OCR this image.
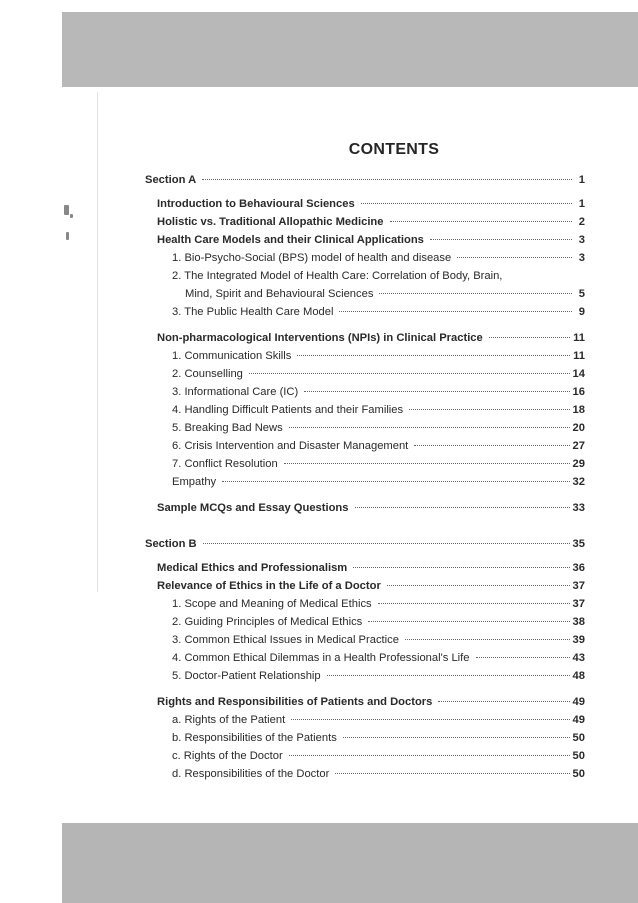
CONTENTS
Section A	1
Introduction to Behavioural Sciences	1
Holistic vs. Traditional Allopathic Medicine	2
Health Care Models and their Clinical Applications	3
1. Bio-Psycho-Social (BPS) model of health and disease	3
2. The Integrated Model of Health Care: Correlation of Body, Brain,
Mind, Spirit and Behavioural Sciences	5
3. The Public Health Care Model	9
Non-pharmacological Interventions (NPIs) in Clinical Practice	11
1. Communication Skills	11
2. Counselling	14
3. Informational Care (IC)	16
4. Handling Difficult Patients and their Families	18
5. Breaking Bad News	20
6. Crisis Intervention and Disaster Management	27
7. Conflict Resolution	29
Empathy	32
Sample MCQs and Essay Questions	33
Section B	35
Medical Ethics and Professionalism	36
Relevance of Ethics in the Life of a Doctor	37
1. Scope and Meaning of Medical Ethics	37
2. Guiding Principles of Medical Ethics	38
3. Common Ethical Issues in Medical Practice	39
4. Common Ethical Dilemmas in a Health Professional's Life	43
5. Doctor-Patient Relationship	48
Rights and Responsibilities of Patients and Doctors	49
a. Rights of the Patient	49
b. Responsibilities of the Patients	50
c. Rights of the Doctor	50
d. Responsibilities of the Doctor	50
